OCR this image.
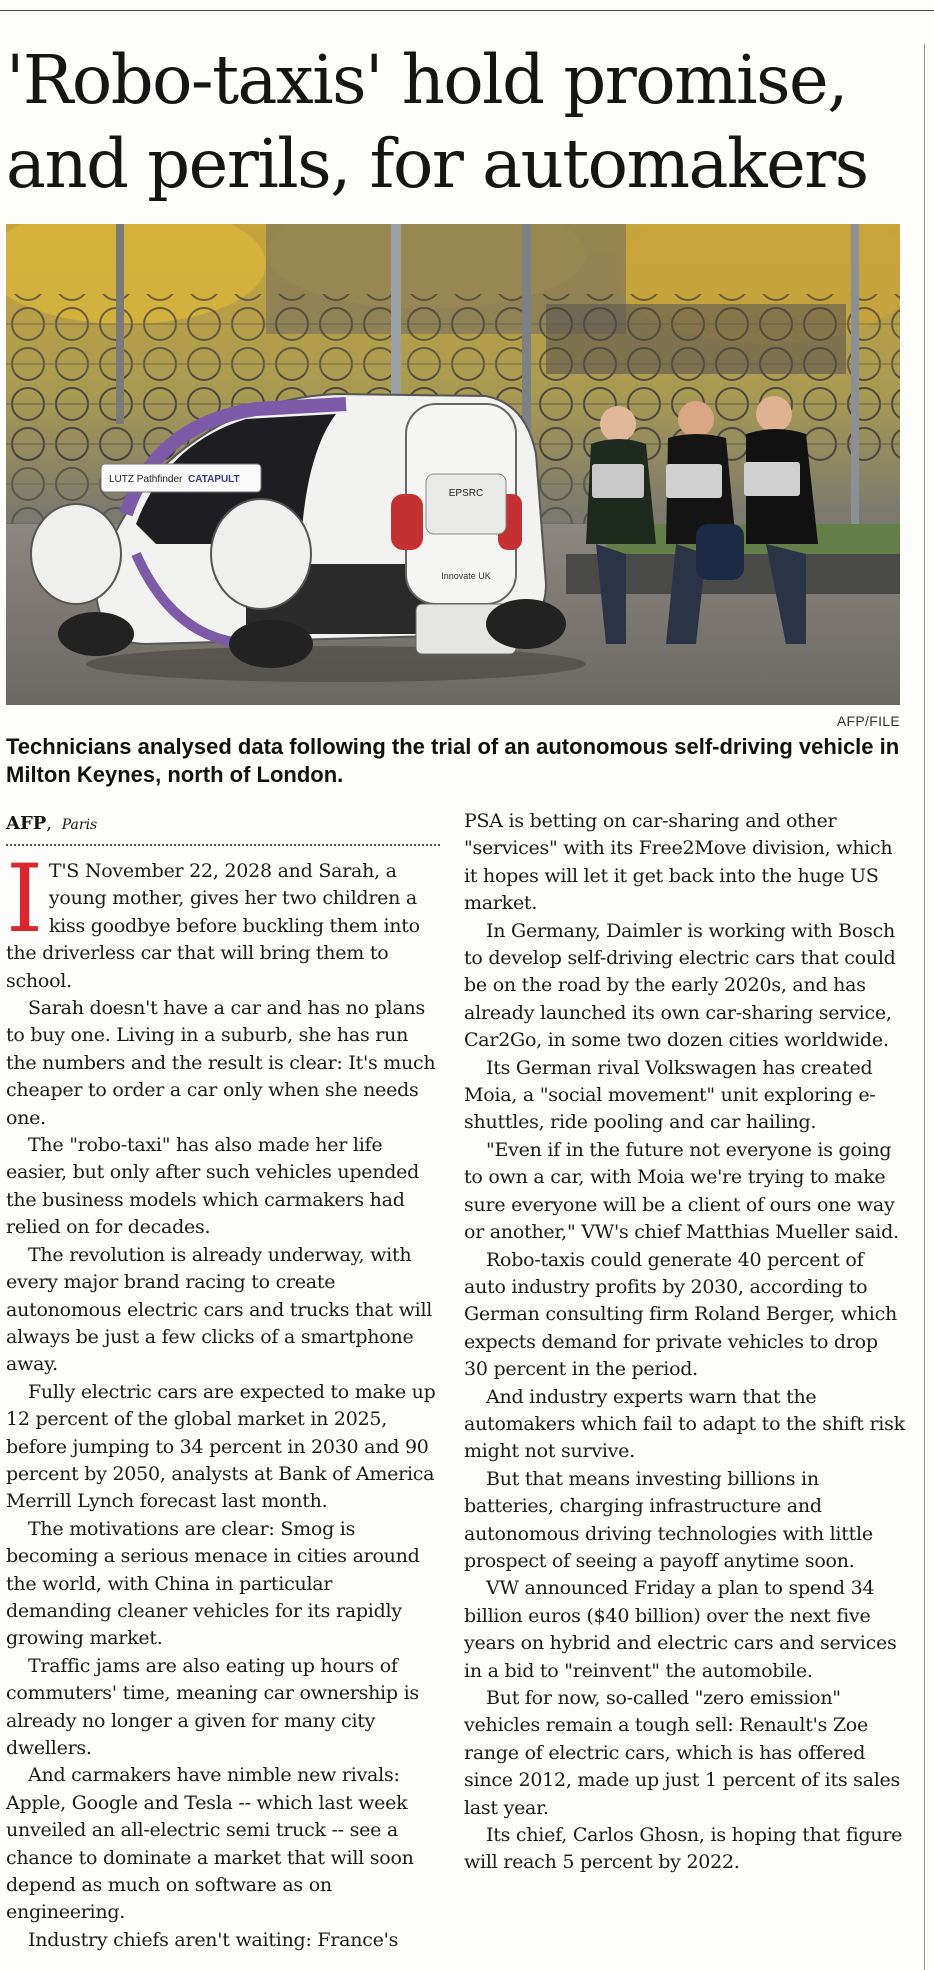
'Robo-taxis' hold promise, and perils, for automakers
EPSRC
Innovate UK
LUTZ Pathfinder CATAPULT
AFP/FILE

Technicians analysed data following the trial of an autonomous self-driving vehicle in Milton Keynes, north of London.

AFP, Paris

I T'S November 22, 2028 and Sarah, a young mother, gives her two children a kiss goodbye before buckling them into the driverless car that will bring them to school.

Sarah doesn't have a car and has no plans to buy one. Living in a suburb, she has run the numbers and the result is clear: It's much cheaper to order a car only when she needs one.

The "robo-taxi" has also made her life easier, but only after such vehicles upended the business models which carmakers had relied on for decades.

The revolution is already underway, with every major brand racing to create autonomous electric cars and trucks that will always be just a few clicks of a smartphone away.

Fully electric cars are expected to make up 12 percent of the global market in 2025, before jumping to 34 percent in 2030 and 90 percent by 2050, analysts at Bank of America Merrill Lynch forecast last month.

The motivations are clear: Smog is becoming a serious menace in cities around the world, with China in particular demanding cleaner vehicles for its rapidly growing market.

Traffic jams are also eating up hours of commuters' time, meaning car ownership is already no longer a given for many city dwellers.

And carmakers have nimble new rivals: Apple, Google and Tesla -- which last week unveiled an all-electric semi truck -- see a chance to dominate a market that will soon depend as much on software as on engineering.

Industry chiefs aren't waiting: France's

PSA is betting on car-sharing and other "services" with its Free2Move division, which it hopes will let it get back into the huge US market.

In Germany, Daimler is working with Bosch to develop self-driving electric cars that could be on the road by the early 2020s, and has already launched its own car-sharing service, Car2Go, in some two dozen cities worldwide.

Its German rival Volkswagen has created Moia, a "social movement" unit exploring e-shuttles, ride pooling and car hailing.

"Even if in the future not everyone is going to own a car, with Moia we're trying to make sure everyone will be a client of ours one way or another," VW's chief Matthias Mueller said.

Robo-taxis could generate 40 percent of auto industry profits by 2030, according to German consulting firm Roland Berger, which expects demand for private vehicles to drop 30 percent in the period.

And industry experts warn that the automakers which fail to adapt to the shift risk might not survive.

But that means investing billions in batteries, charging infrastructure and autonomous driving technologies with little prospect of seeing a payoff anytime soon.

VW announced Friday a plan to spend 34 billion euros ($40 billion) over the next five years on hybrid and electric cars and services in a bid to "reinvent" the automobile.

But for now, so-called "zero emission" vehicles remain a tough sell: Renault's Zoe range of electric cars, which is has offered since 2012, made up just 1 percent of its sales last year.

Its chief, Carlos Ghosn, is hoping that figure will reach 5 percent by 2022.
